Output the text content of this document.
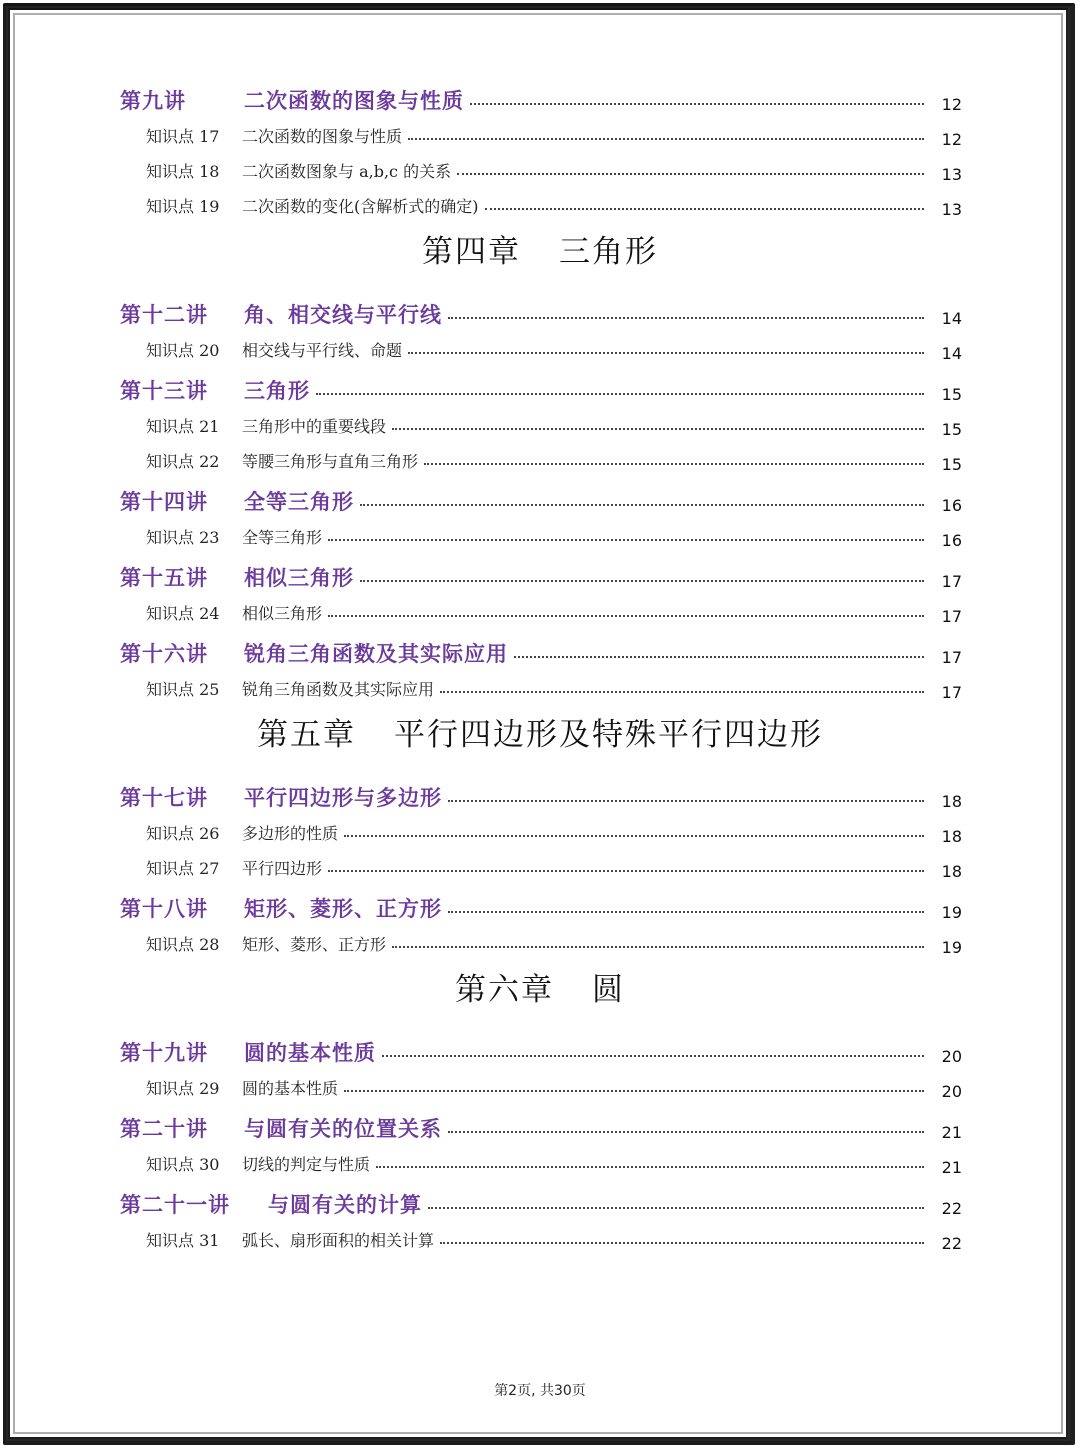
第九讲	二次函数的图象与性质	12
知识点 17	二次函数的图象与性质	12
知识点 18	二次函数图象与 a,b,c 的关系	13
知识点 19	二次函数的变化(含解析式的确定)	13
第四章 三角形
第十二讲	角、相交线与平行线	14
知识点 20	相交线与平行线、命题	14
第十三讲	三角形	15
知识点 21	三角形中的重要线段	15
知识点 22	等腰三角形与直角三角形	15
第十四讲	全等三角形	16
知识点 23	全等三角形	16
第十五讲	相似三角形	17
知识点 24	相似三角形	17
第十六讲	锐角三角函数及其实际应用	17
知识点 25	锐角三角函数及其实际应用	17
第五章 平行四边形及特殊平行四边形
第十七讲	平行四边形与多边形	18
知识点 26	多边形的性质	18
知识点 27	平行四边形	18
第十八讲	矩形、菱形、正方形	19
知识点 28	矩形、菱形、正方形	19
第六章 圆
第十九讲	圆的基本性质	20
知识点 29	圆的基本性质	20
第二十讲	与圆有关的位置关系	21
知识点 30	切线的判定与性质	21
第二十一讲	与圆有关的计算	22
知识点 31	弧长、扇形面积的相关计算	22
第2页, 共30页
